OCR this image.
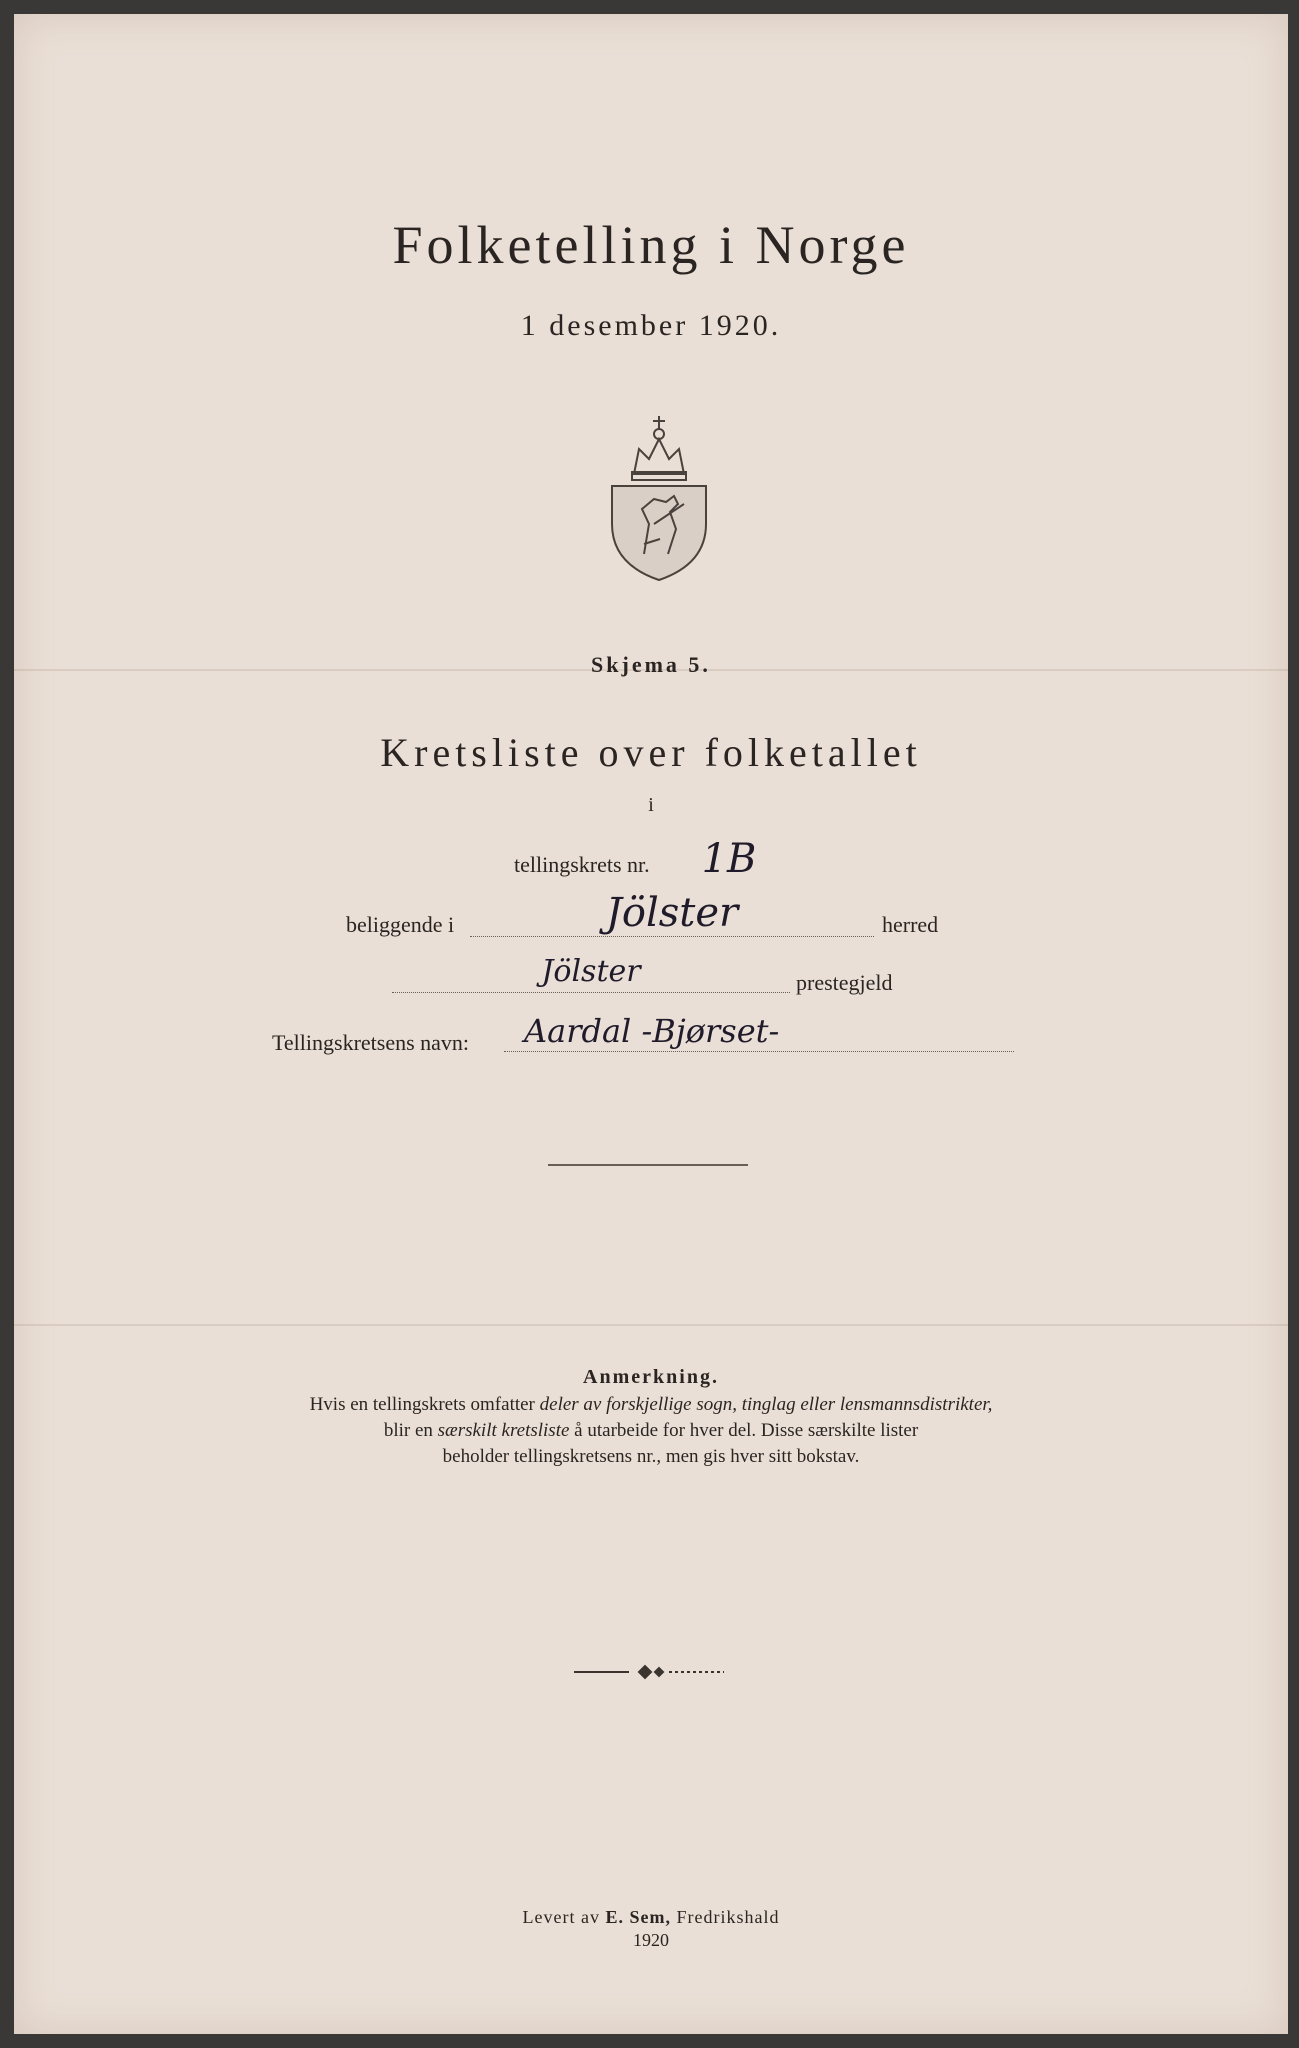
Folketelling i Norge
1 desember 1920.
Skjema 5.
Kretsliste over folketallet
i
tellingskrets nr.	1B
beliggende i	Jölster	herred
Jölster	prestegjeld
Tellingskretsens navn:	Aardal -Bjørset-
Anmerkning.
Hvis en tellingskrets omfatter deler av forskjellige sogn, tinglag eller lensmannsdistrikter,
blir en særskilt kretsliste å utarbeide for hver del. Disse særskilte lister
beholder tellingskretsens nr., men gis hver sitt bokstav.
Levert av E. Sem, Fredrikshald
1920
